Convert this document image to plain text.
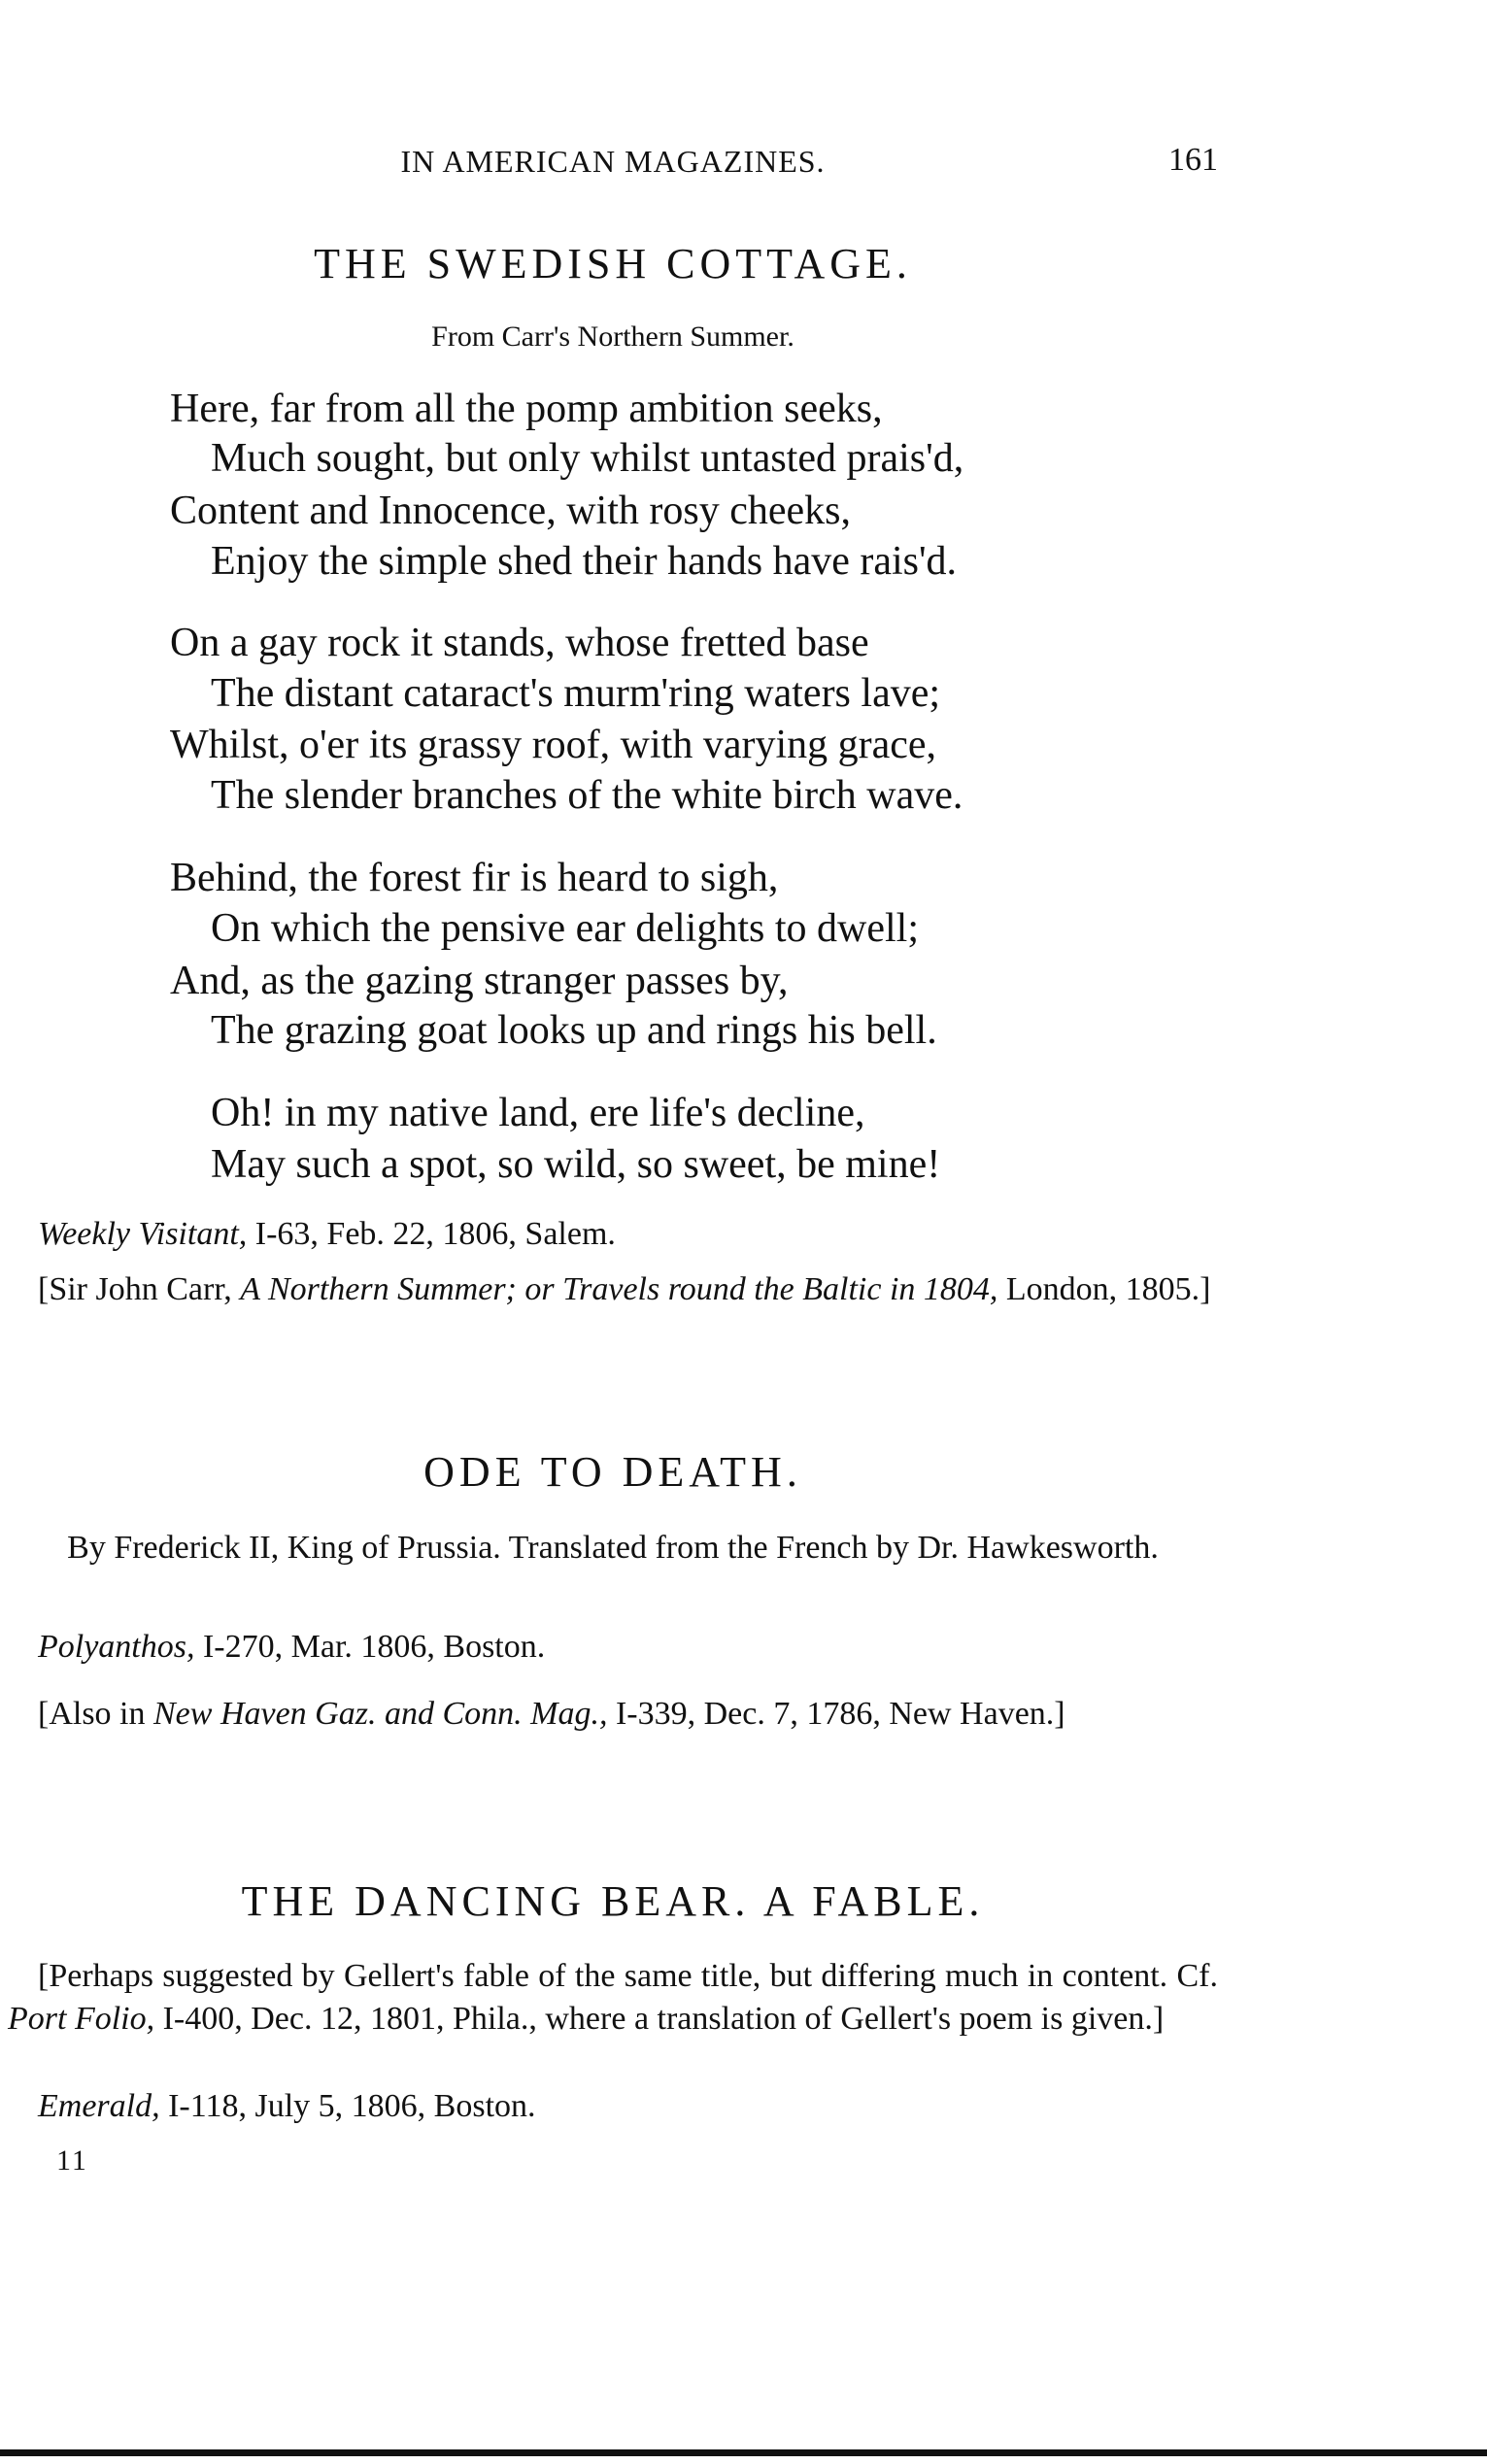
IN AMERICAN MAGAZINES.	161
THE SWEDISH COTTAGE.
From Carr's Northern Summer.
Here, far from all the pomp ambition seeks,
Much sought, but only whilst untasted prais'd,
Content and Innocence, with rosy cheeks,
Enjoy the simple shed their hands have rais'd.
On a gay rock it stands, whose fretted base
The distant cataract's murm'ring waters lave;
Whilst, o'er its grassy roof, with varying grace,
The slender branches of the white birch wave.
Behind, the forest fir is heard to sigh,
On which the pensive ear delights to dwell;
And, as the gazing stranger passes by,
The grazing goat looks up and rings his bell.
Oh! in my native land, ere life's decline,
May such a spot, so wild, so sweet, be mine!
Weekly Visitant, I-63, Feb. 22, 1806, Salem.
[Sir John Carr, A Northern Summer; or Travels round the Baltic in 1804, London, 1805.]
ODE TO DEATH.
By Frederick II, King of Prussia. Translated from the French by Dr. Hawkesworth.
Polyanthos, I-270, Mar. 1806, Boston.
[Also in New Haven Gaz. and Conn. Mag., I-339, Dec. 7, 1786, New Haven.]
THE DANCING BEAR. A FABLE.
[Perhaps suggested by Gellert's fable of the same title, but differing much in content. Cf. Port Folio, I-400, Dec. 12, 1801, Phila., where a translation of Gellert's poem is given.]
Emerald, I-118, July 5, 1806, Boston.
11
